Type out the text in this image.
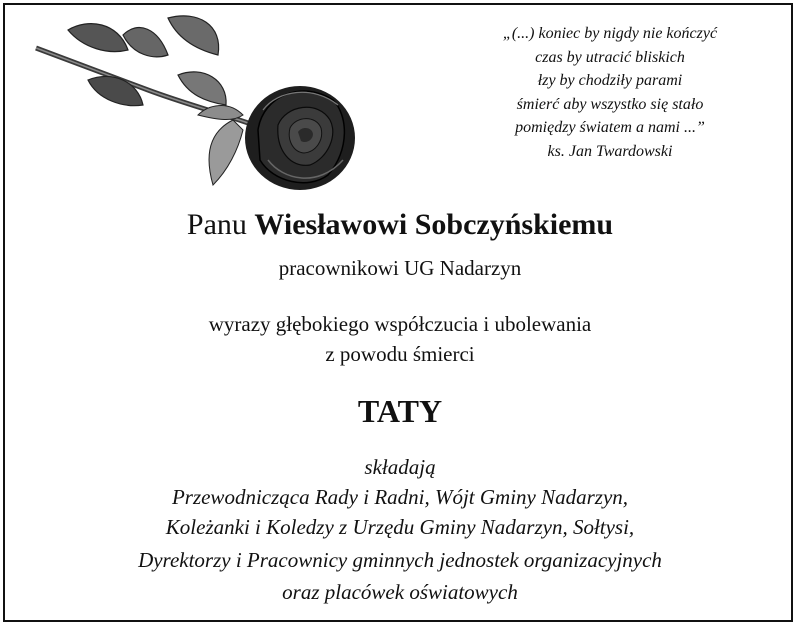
„(...) koniec by nigdy nie kończyć
czas by utracić bliskich
łzy by chodziły parami
śmierć aby wszystko się stało
pomiędzy światem a nami ...”
ks. Jan Twardowski
Panu Wiesławowi Sobczyńskiemu
pracownikowi UG Nadarzyn
wyrazy głębokiego współczucia i ubolewania
z powodu śmierci
TATY
składają
Przewodnicząca Rady i Radni, Wójt Gminy Nadarzyn,
Koleżanki i Koledzy z Urzędu Gminy Nadarzyn, Sołtysi,
Dyrektorzy i Pracownicy gminnych jednostek organizacyjnych
oraz placówek oświatowych
